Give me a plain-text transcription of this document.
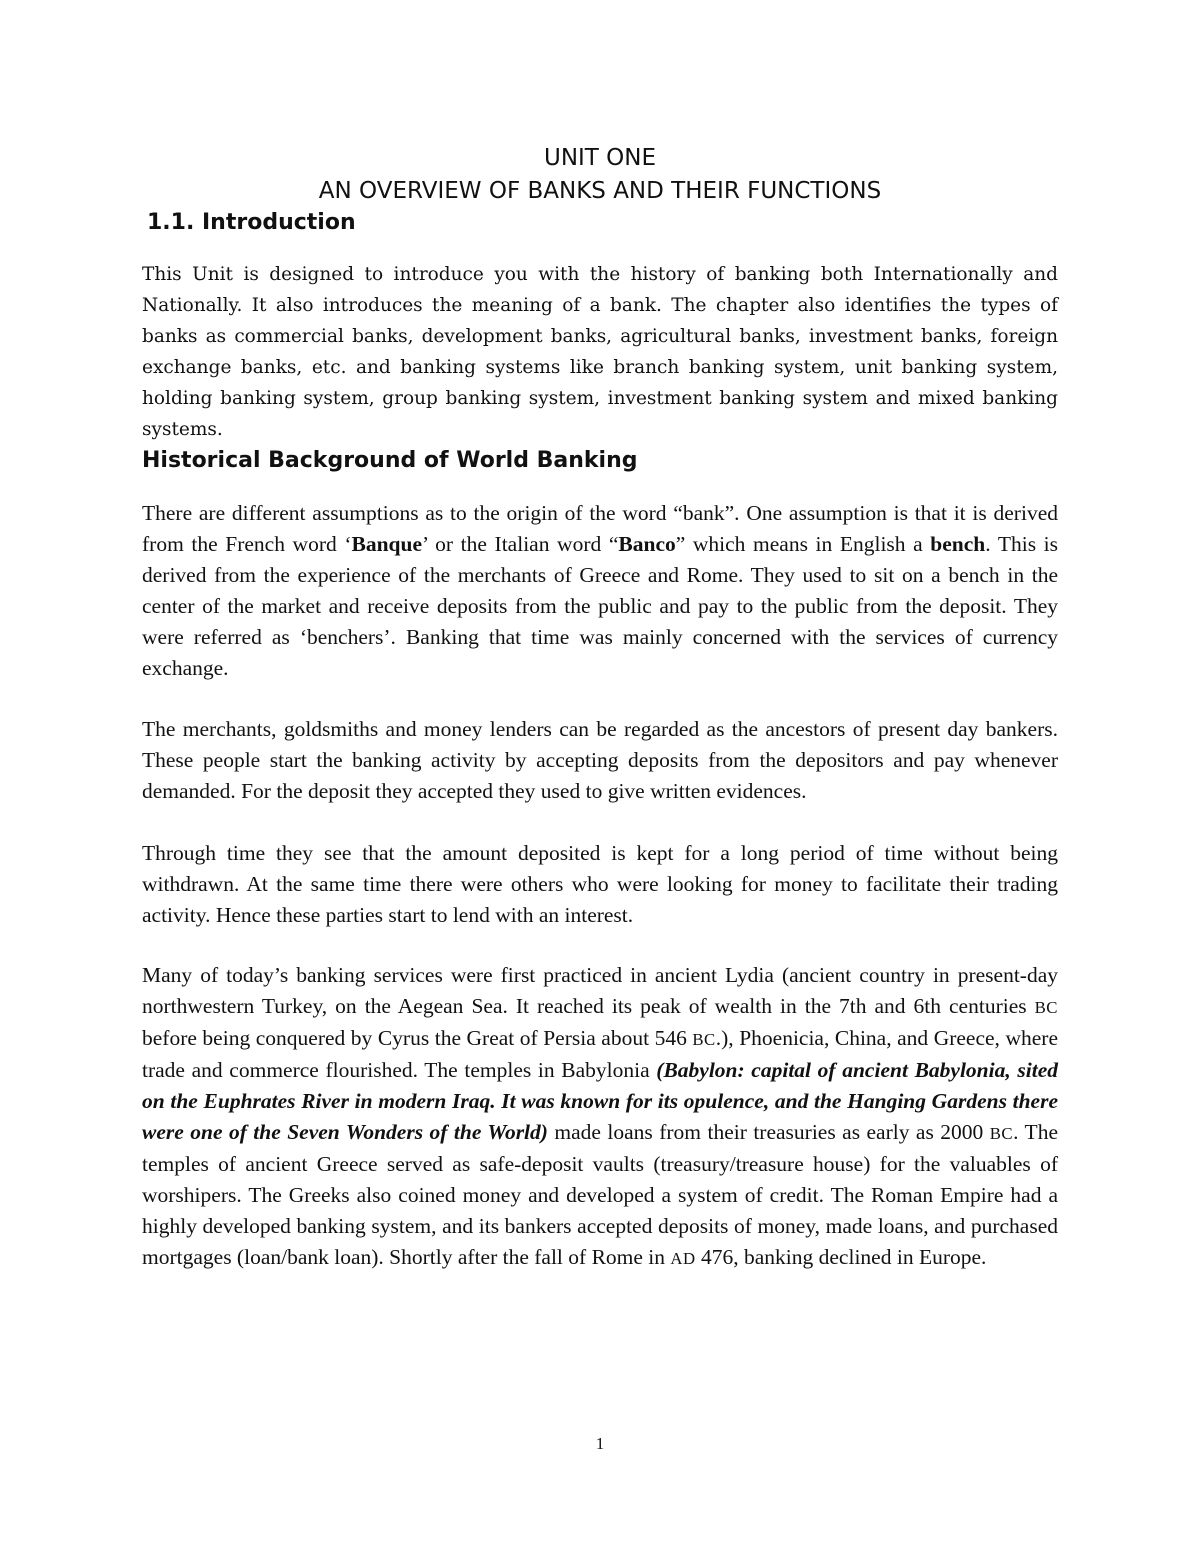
UNIT ONE
AN OVERVIEW OF BANKS AND THEIR FUNCTIONS
1.1. Introduction

This Unit is designed to introduce you with the history of banking both Internationally and Nationally. It also introduces the meaning of a bank. The chapter also identifies the types of banks as commercial banks, development banks, agricultural banks, investment banks, foreign exchange banks, etc. and banking systems like branch banking system, unit banking system, holding banking system, group banking system, investment banking system and mixed banking systems.

Historical Background of World Banking

There are different assumptions as to the origin of the word “bank”. One assumption is that it is derived from the French word ‘Banque’ or the Italian word “Banco” which means in English a bench. This is derived from the experience of the merchants of Greece and Rome. They used to sit on a bench in the center of the market and receive deposits from the public and pay to the public from the deposit. They were referred as ‘benchers’. Banking that time was mainly concerned with the services of currency exchange.

The merchants, goldsmiths and money lenders can be regarded as the ancestors of present day bankers. These people start the banking activity by accepting deposits from the depositors and pay whenever demanded. For the deposit they accepted they used to give written evidences.

Through time they see that the amount deposited is kept for a long period of time without being withdrawn. At the same time there were others who were looking for money to facilitate their trading activity. Hence these parties start to lend with an interest.

Many of today’s banking services were first practiced in ancient Lydia (ancient country in present-day northwestern Turkey, on the Aegean Sea. It reached its peak of wealth in the 7th and 6th centuries BC before being conquered by Cyrus the Great of Persia about 546 BC.), Phoenicia, China, and Greece, where trade and commerce flourished. The temples in Babylonia (Babylon: capital of ancient Babylonia, sited on the Euphrates River in modern Iraq. It was known for its opulence, and the Hanging Gardens there were one of the Seven Wonders of the World) made loans from their treasuries as early as 2000 BC. The temples of ancient Greece served as safe-deposit vaults (treasury/treasure house) for the valuables of worshipers. The Greeks also coined money and developed a system of credit. The Roman Empire had a highly developed banking system, and its bankers accepted deposits of money, made loans, and purchased mortgages (loan/bank loan). Shortly after the fall of Rome in AD 476, banking declined in Europe.

1
